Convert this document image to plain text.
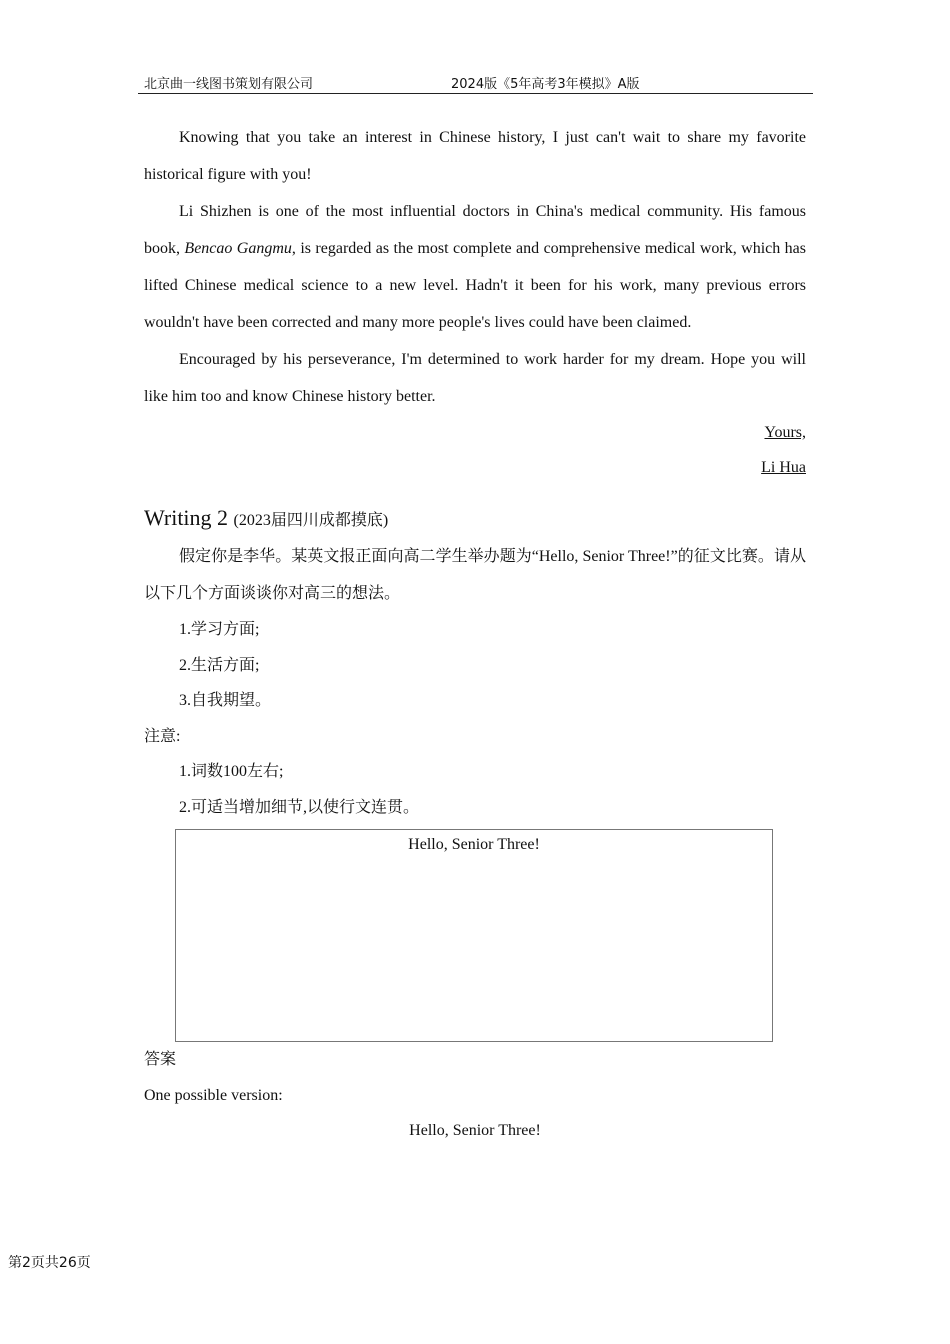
北京曲一线图书策划有限公司	2024版《5年高考3年模拟》A版

Knowing that you take an interest in Chinese history, I just can't wait to share my favorite historical figure with you!

Li Shizhen is one of the most influential doctors in China's medical community. His famous book, Bencao Gangmu, is regarded as the most complete and comprehensive medical work, which has lifted Chinese medical science to a new level. Hadn't it been for his work, many previous errors wouldn't have been corrected and many more people's lives could have been claimed.

Encouraged by his perseverance, I'm determined to work harder for my dream. Hope you will like him too and know Chinese history better.

Yours,

Li Hua

Writing 2 (2023届四川成都摸底)

假定你是李华。某英文报正面向高二学生举办题为“Hello, Senior Three!”的征文比赛。请从以下几个方面谈谈你对高三的想法。

1.学习方面;

2.生活方面;

3.自我期望。

注意:

1.词数100左右;

2.可适当增加细节,以使行文连贯。

Hello, Senior Three!

答案

One possible version:

Hello, Senior Three!

第2页共26页
